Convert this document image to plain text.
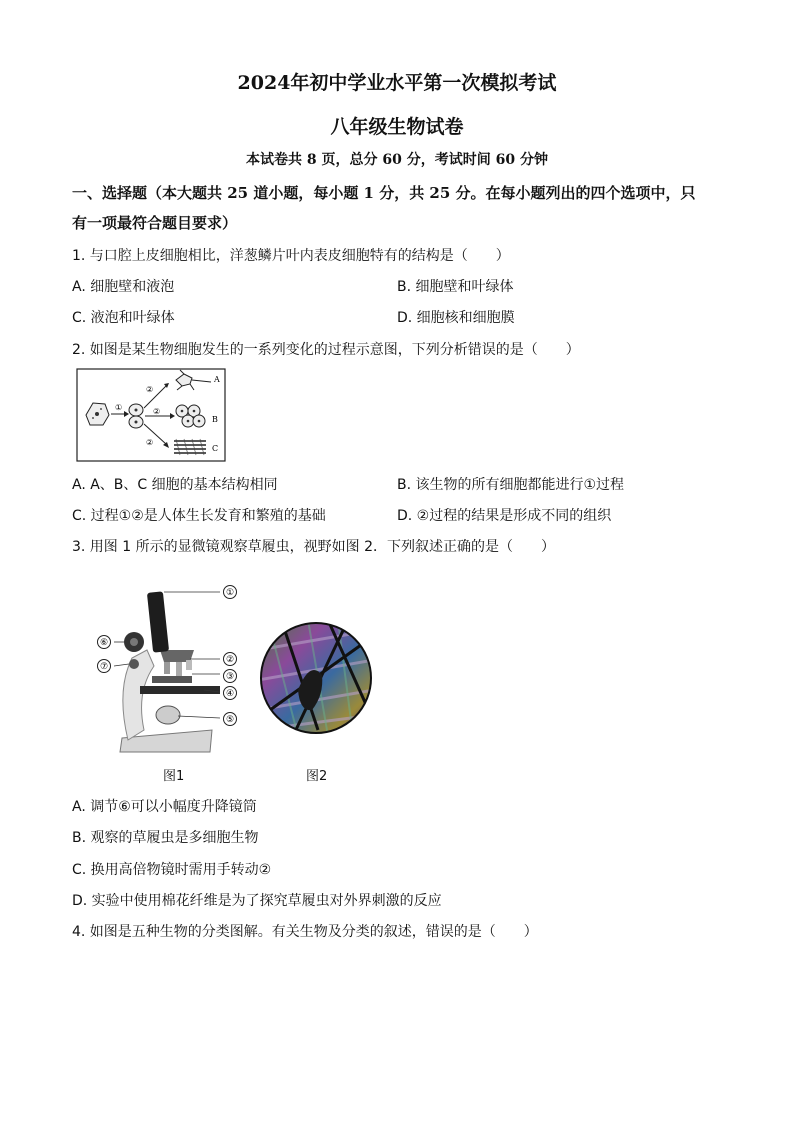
2024年初中学业水平第一次模拟考试
八年级生物试卷
本试卷共 8 页，总分 60 分，考试时间 60 分钟
一、选择题（本大题共 25 道小题，每小题 1 分，共 25 分。在每小题列出的四个选项中，只
有一项最符合题目要求）
1. 与口腔上皮细胞相比，洋葱鳞片叶内表皮细胞特有的结构是（　　）
A. 细胞壁和液泡	B. 细胞壁和叶绿体
C. 液泡和叶绿体	D. 细胞核和细胞膜
2. 如图是某生物细胞发生的一系列变化的过程示意图，下列分析错误的是（　　）
①
②
②
②
A
B
C
A. A、B、C 细胞的基本结构相同	B. 该生物的所有细胞都能进行①过程
C. 过程①②是人体生长发育和繁殖的基础	D. ②过程的结果是形成不同的组织
3. 用图 1 所示的显微镜观察草履虫，视野如图 2．下列叙述正确的是（　　）
①
②
③
④
⑤
⑥
⑦
图1	图2
A. 调节⑥可以小幅度升降镜筒
B. 观察的草履虫是多细胞生物
C. 换用高倍物镜时需用手转动②
D. 实验中使用棉花纤维是为了探究草履虫对外界刺激的反应
4. 如图是五种生物的分类图解。有关生物及分类的叙述，错误的是（　　）
